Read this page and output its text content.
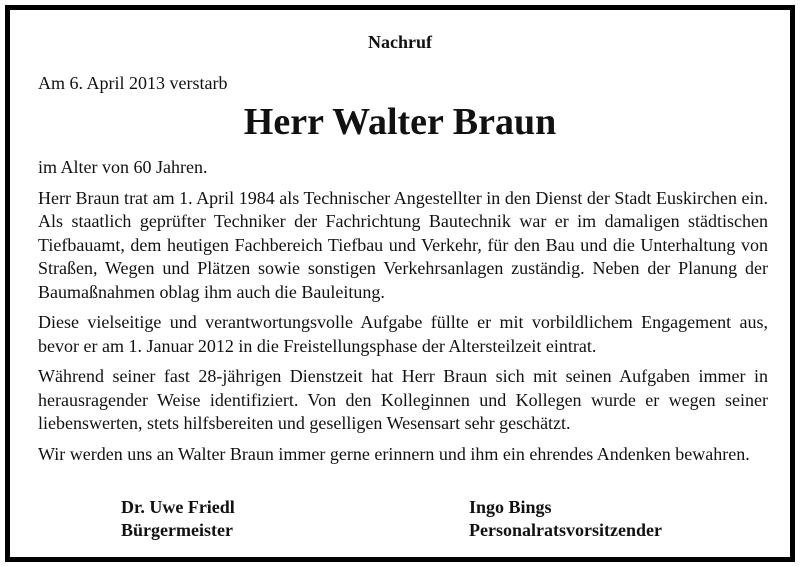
Nachruf
Am 6. April 2013 verstarb
Herr Walter Braun

im Alter von 60 Jahren.

Herr Braun trat am 1. April 1984 als Technischer Angestellter in den Dienst der Stadt Euskirchen ein. Als staatlich geprüfter Techniker der Fachrichtung Bautechnik war er im damaligen städtischen Tiefbauamt, dem heutigen Fachbereich Tiefbau und Verkehr, für den Bau und die Unterhaltung von Straßen, Wegen und Plätzen sowie sonstigen Verkehrsanlagen zuständig. Neben der Planung der Baumaßnahmen oblag ihm auch die Bauleitung.

Diese vielseitige und verantwortungsvolle Aufgabe füllte er mit vorbildlichem Engagement aus, bevor er am 1. Januar 2012 in die Freistellungsphase der Altersteilzeit eintrat.

Während seiner fast 28-jährigen Dienstzeit hat Herr Braun sich mit seinen Aufgaben immer in herausragender Weise identifiziert. Von den Kolleginnen und Kollegen wurde er wegen seiner liebenswerten, stets hilfsbereiten und geselligen Wesensart sehr geschätzt.

Wir werden uns an Walter Braun immer gerne erinnern und ihm ein ehrendes Andenken bewahren.

Dr. Uwe Friedl
Bürgermeister
Ingo Bings
Personalratsvorsitzender
